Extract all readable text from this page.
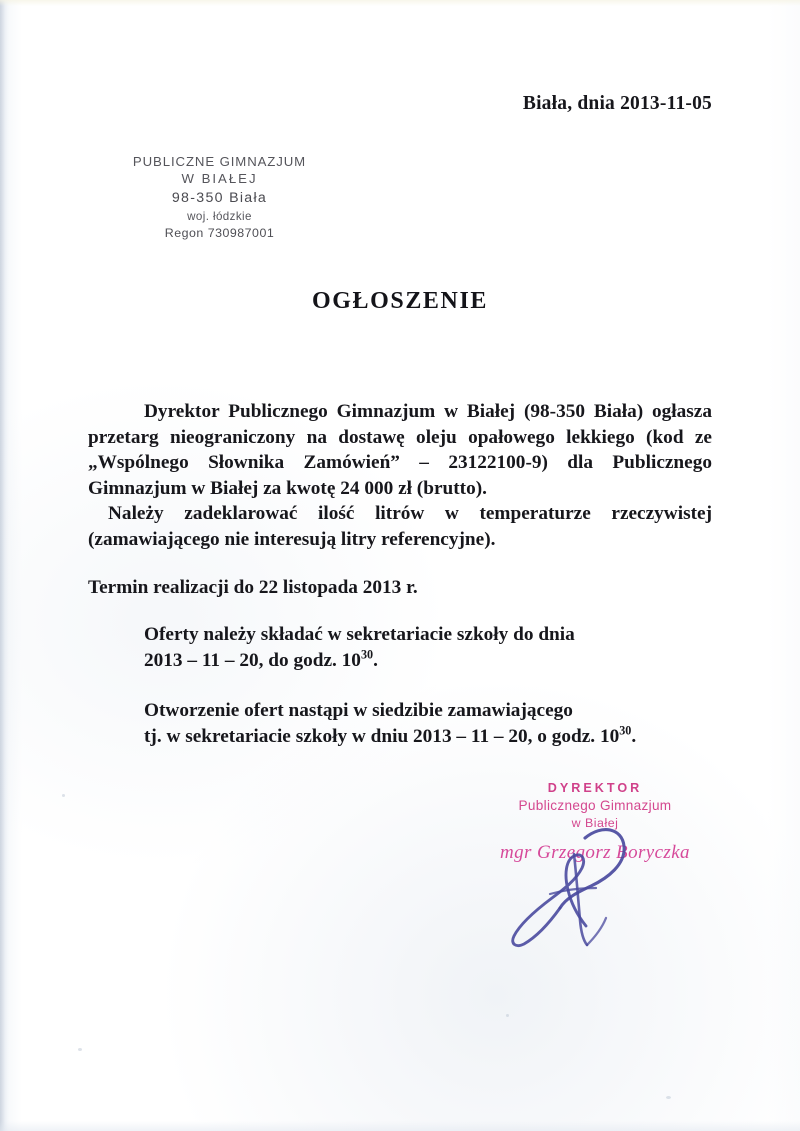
Biała, dnia 2013-11-05
PUBLICZNE GIMNAZJUM
W BIAŁEJ
98-350 Biała
woj. łódzkie
Regon 730987001
OGŁOSZENIE

Dyrektor Publicznego Gimnazjum w Białej (98-350 Biała) ogłasza przetarg nieograniczony na dostawę oleju opałowego lekkiego (kod ze „Wspólnego Słownika Zamówień” – 23122100-9) dla Publicznego Gimnazjum w Białej za kwotę 24 000 zł (brutto).

Należy zadeklarować ilość litrów w temperaturze rzeczywistej (zamawiającego nie interesują litry referencyjne).

Termin realizacji do 22 listopada 2013 r.

Oferty należy składać w sekretariacie szkoły do dnia
2013 – 11 – 20, do godz. $10^{30}$.

Otworzenie ofert nastąpi w siedzibie zamawiającego
tj. w sekretariacie szkoły w dniu 2013 – 11 – 20, o godz. $10^{30}$.

DYREKTOR
Publicznego Gimnazjum
w Białej
mgr Grzegorz Boryczka
